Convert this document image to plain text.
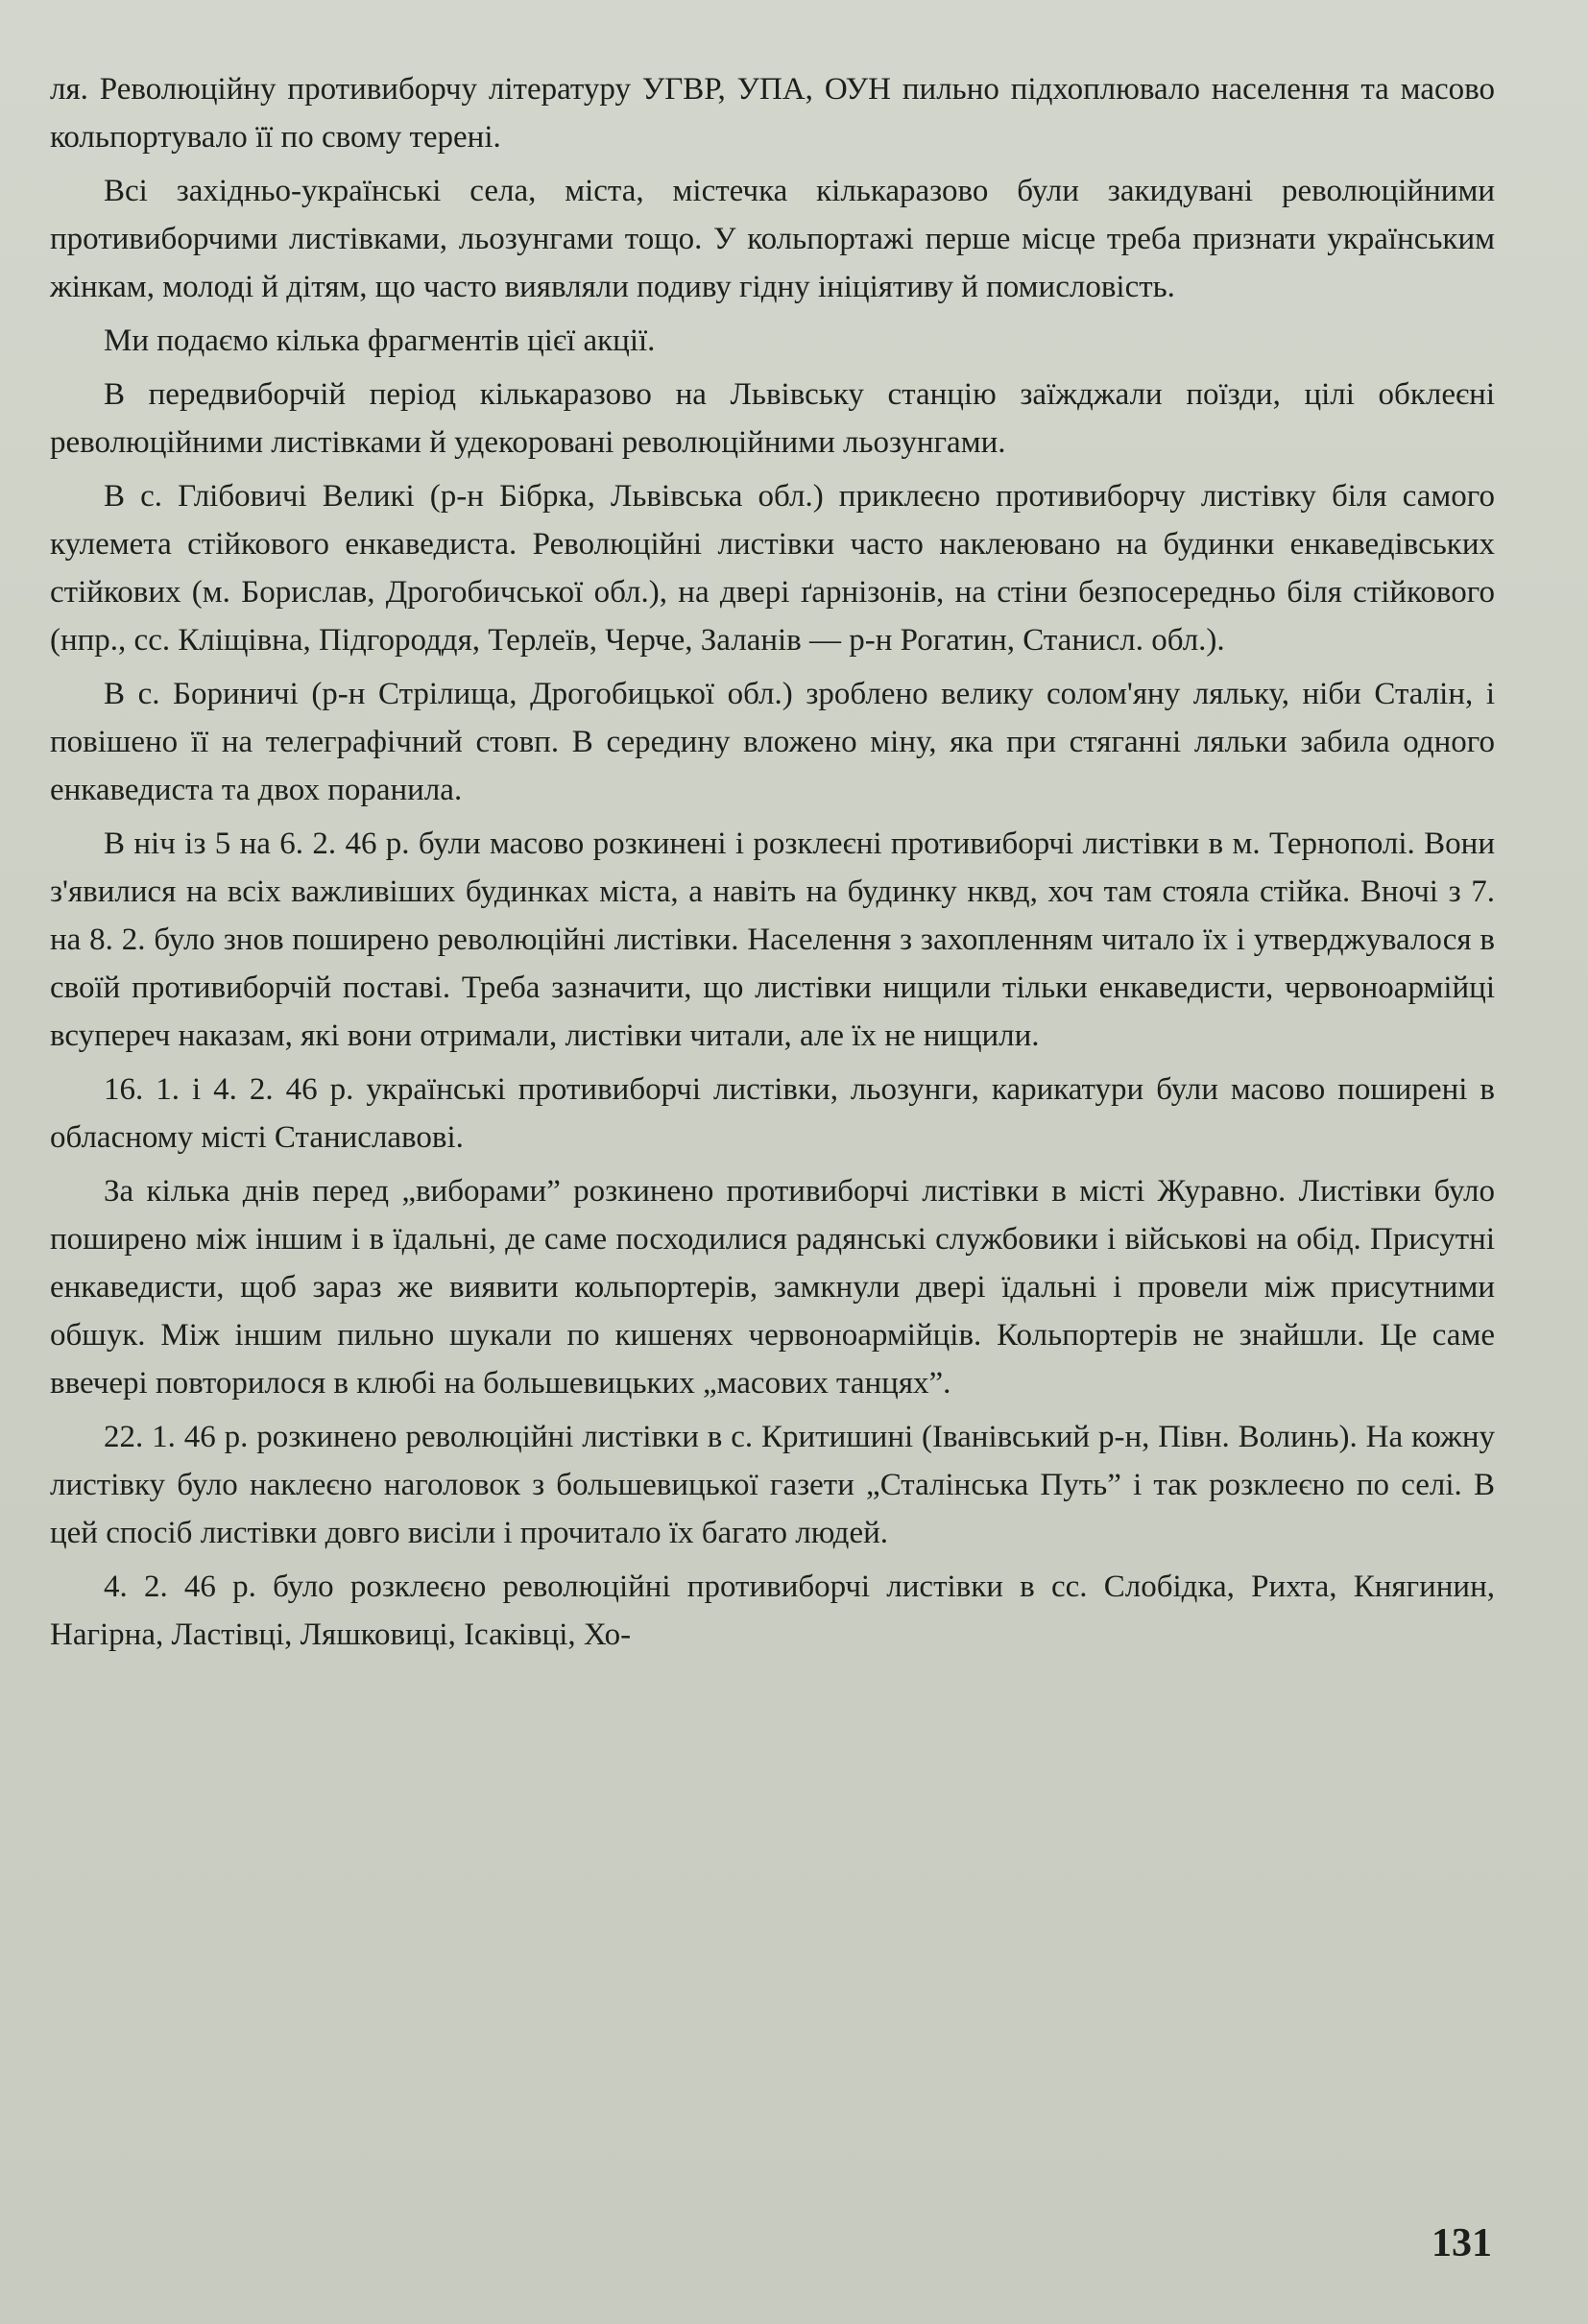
ля. Революційну противиборчу літературу УГВР, УПА, ОУН пильно підхоплювало населення та масово кольпортувало її по свому терені.

Всі західньо-українські села, міста, містечка кількаразово були закидувані революційними противиборчими листівками, льозунгами тощо. У кольпортажі перше місце треба признати українським жінкам, молоді й дітям, що часто виявляли подиву гідну ініціятиву й помисловість.

Ми подаємо кілька фрагментів цієї акції.

В передвиборчій період кількаразово на Львівську станцію заїжджали поїзди, цілі обклеєні революційними листівками й удекоровані революційними льозунгами.

В с. Глібовичі Великі (р-н Бібрка, Львівська обл.) приклеєно противиборчу листівку біля самого кулемета стійкового енкаведиста. Революційні листівки часто наклеювано на будинки енкаведівських стійкових (м. Борислав, Дрогобичської обл.), на двері ґарнізонів, на стіни безпосередньо біля стійкового (нпр., сс. Кліщівна, Підгороддя, Терлеїв, Черче, Заланів — р-н Рогатин, Станисл. обл.).

В с. Бориничі (р-н Стрілища, Дрогобицької обл.) зроблено велику солом'яну ляльку, ніби Сталін, і повішено її на телеграфічний стовп. В середину вложено міну, яка при стяганні ляльки забила одного енкаведиста та двох поранила.

В ніч із 5 на 6. 2. 46 р. були масово розкинені і розклеєні противиборчі листівки в м. Тернополі. Вони з'явилися на всіх важливіших будинках міста, а навіть на будинку нквд, хоч там стояла стійка. Вночі з 7. на 8. 2. було знов поширено революційні листівки. Населення з захопленням читало їх і утверджувалося в своїй противиборчій поставі. Треба зазначити, що листівки нищили тільки енкаведисти, червоноармійці всупереч наказам, які вони отримали, листівки читали, але їх не нищили.

16. 1. і 4. 2. 46 р. українські противиборчі листівки, льозунги, карикатури були масово поширені в обласному місті Станиславові.

За кілька днів перед „виборами” розкинено противиборчі листівки в місті Журавно. Листівки було поширено між іншим і в їдальні, де саме посходилися радянські службовики і військові на обід. Присутні енкаведисти, щоб зараз же виявити кольпортерів, замкнули двері їдальні і провели між присутними обшук. Між іншим пильно шукали по кишенях червоноармійців. Кольпортерів не знайшли. Це саме ввечері повторилося в клюбі на большевицьких „масових танцях”.

22. 1. 46 р. розкинено революційні листівки в с. Критишині (Іванівський р-н, Півн. Волинь). На кожну листівку було наклеєно наголовок з большевицької газети „Сталінська Путь” і так розклеєно по селі. В цей спосіб листівки довго висіли і прочитало їх багато людей.

4. 2. 46 р. було розклеєно революційні противиборчі листівки в сс. Слобідка, Рихта, Княгинин, Нагірна, Ластівці, Ляшковиці, Ісаківці, Хо-

131
